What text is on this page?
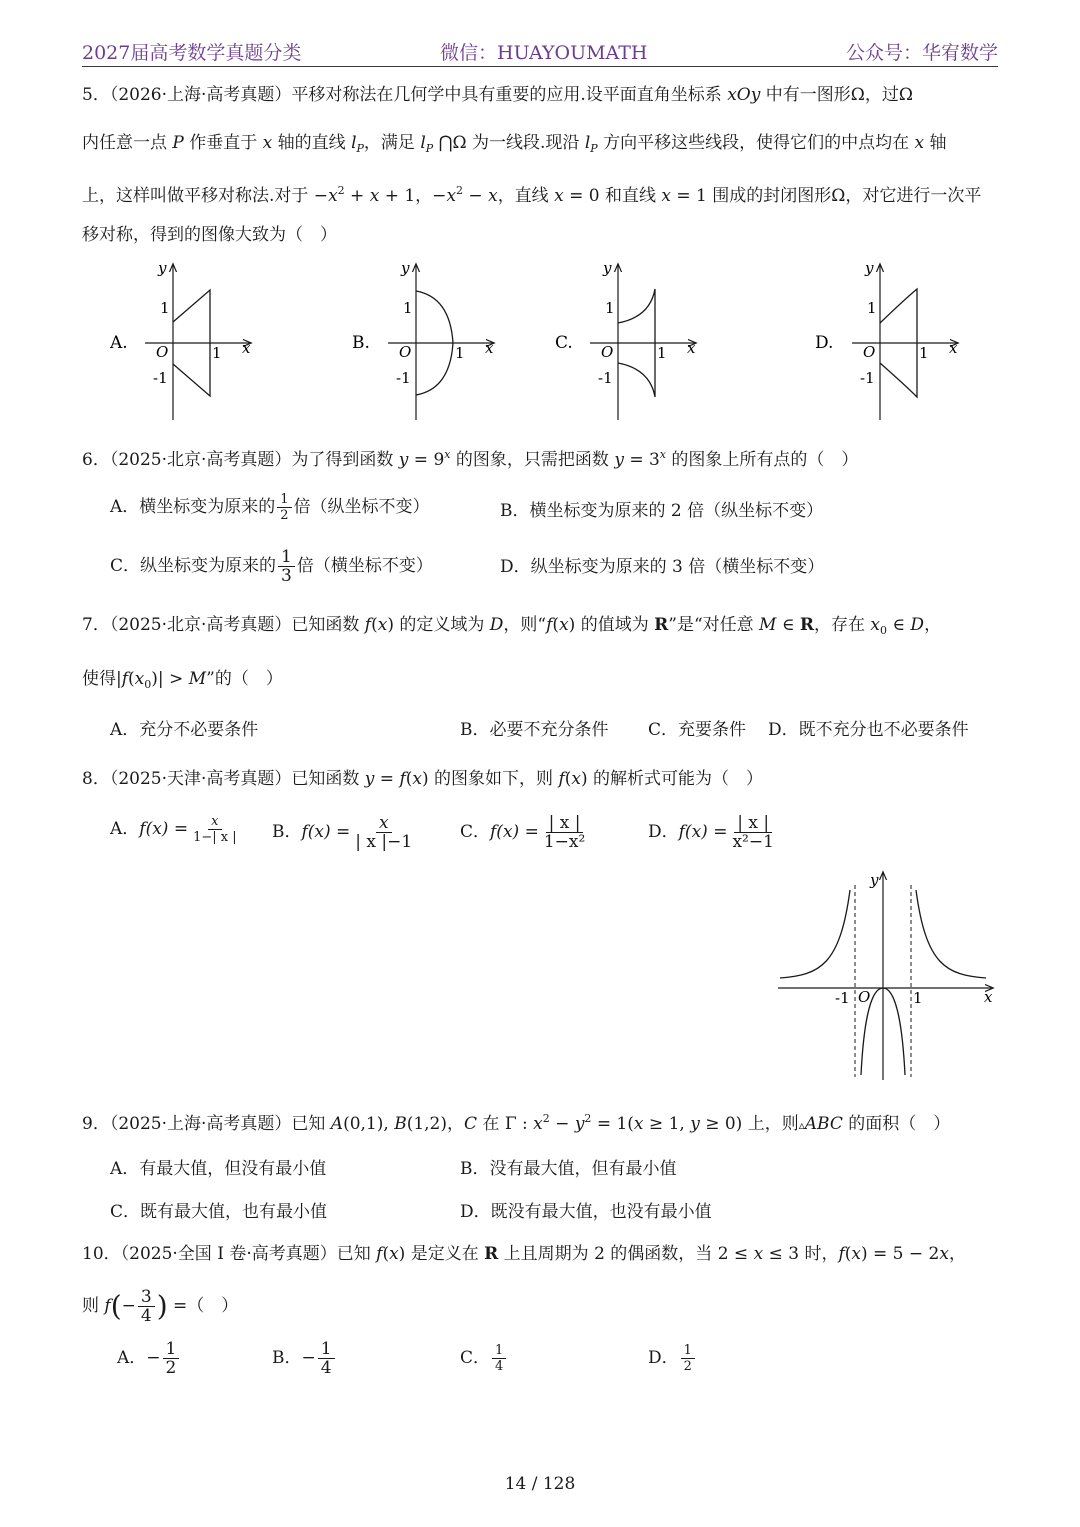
2027届高考数学真题分类	微信：HUAYOUMATH	公众号：华宥数学
5．（2026·上海·高考真题）平移对称法在几何学中具有重要的应用.设平面直角坐标系 xOy 中有一图形Ω，过Ω
内任意一点 P 作垂直于 x 轴的直线 $l_P$，满足 $l_P$ ⋂Ω 为一线段.现沿 $l_P$ 方向平移这些线段，使得它们的中点均在 x 轴
上，这样叫做平移对称法.对于 $-x^2 + x + 1$，$-x^2 - x$，直线 x = 0 和直线 x = 1 围成的封闭图形Ω，对它进行一次平
移对称，得到的图像大致为（　）
A.
y
x
O	1
1
-1
B.
y
x
O	1
1
-1
C.
y
x
O	1
1
-1
D.
y
x
O	1
1
-1
6．（2025·北京·高考真题）为了得到函数 $y = 9^x$ 的图象，只需把函数 $y = 3^x$ 的图象上所有点的（　）
A．横坐标变为原来的 $\frac{1}{2}$ 倍（纵坐标不变）	B．横坐标变为原来的 2 倍（纵坐标不变）
C．纵坐标变为原来的 $\frac{1}{3}$ 倍（横坐标不变）	D．纵坐标变为原来的 3 倍（横坐标不变）
7．（2025·北京·高考真题）已知函数 f(x) 的定义域为 D，则“f(x) 的值域为 R”是“对任意 M ∈ R，存在 $x_0$ ∈ D，
使得$|f(x_0)| > M$”的（　）
A．充分不必要条件	B．必要不充分条件 C．充要条件 D．既不充分也不必要条件
8．（2025·天津·高考真题）已知函数 y = f(x) 的图象如下，则 f(x) 的解析式可能为（　）
A．$f(x) = \frac{x}{1-| x |}$ B．$f(x) = \frac{x}{| x |-1}$	C．$f(x) = \frac{| x |}{\text{1−x²}}$	D．$f(x) = \frac{| x |}{\text{x²−1}}$
y
x
O
-1	1
9．（2025·上海·高考真题）已知 A(0,1), B(1,2)，C 在 Γ : $x^2 - y^2 = 1(x \ge 1$, y ≥ 0) 上，则▵ABC 的面积（　）
A．有最大值，但没有最小值	B．没有最大值，但有最小值
C．既有最大值，也有最小值	D．既没有最大值，也没有最小值
10．（2025·全国 I 卷·高考真题）已知 f(x) 是定义在 R 上且周期为 2 的偶函数，当 2 ≤ x ≤ 3 时，f(x) = 5 − 2x，
则 $f(- \frac{3}{4}$ ) =（　）
A．− $\frac{1}{2}$	B．− $\frac{1}{4}$	C． $\frac{1}{4}$	D． $\frac{1}{2}$
14 / 128
